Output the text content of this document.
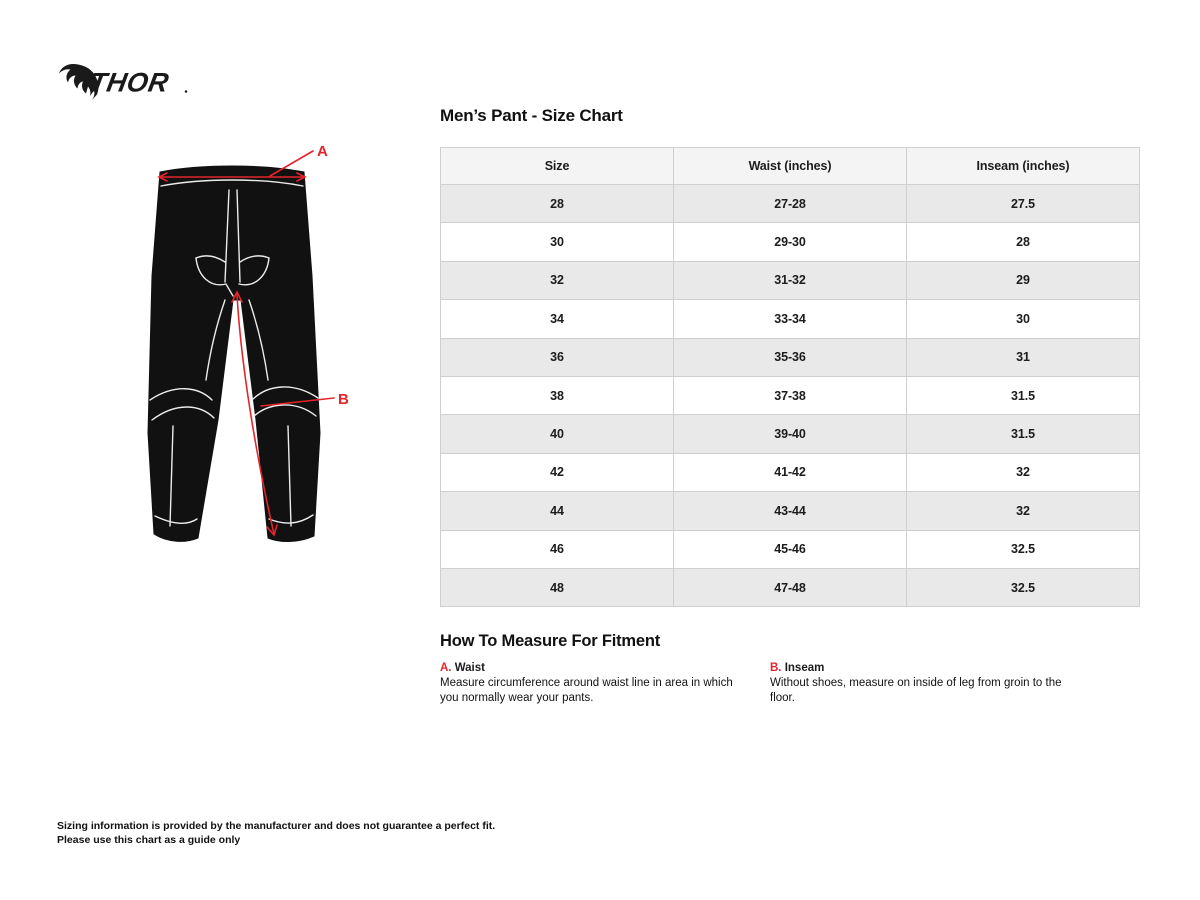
THOR
A
B
Men’s Pant - Size Chart
Size	Waist (inches)	Inseam (inches)
28	27-28	27.5
30	29-30	28
32	31-32	29
34	33-34	30
36	35-36	31
38	37-38	31.5
40	39-40	31.5
42	41-42	32
44	43-44	32
46	45-46	32.5
48	47-48	32.5
How To Measure For Fitment
A. Waist
Measure circumference around waist line in area in which you normally wear your pants.
B. Inseam
Without shoes, measure on inside of leg from groin to the floor.
Sizing information is provided by the manufacturer and does not guarantee a perfect fit.
Please use this chart as a guide only
